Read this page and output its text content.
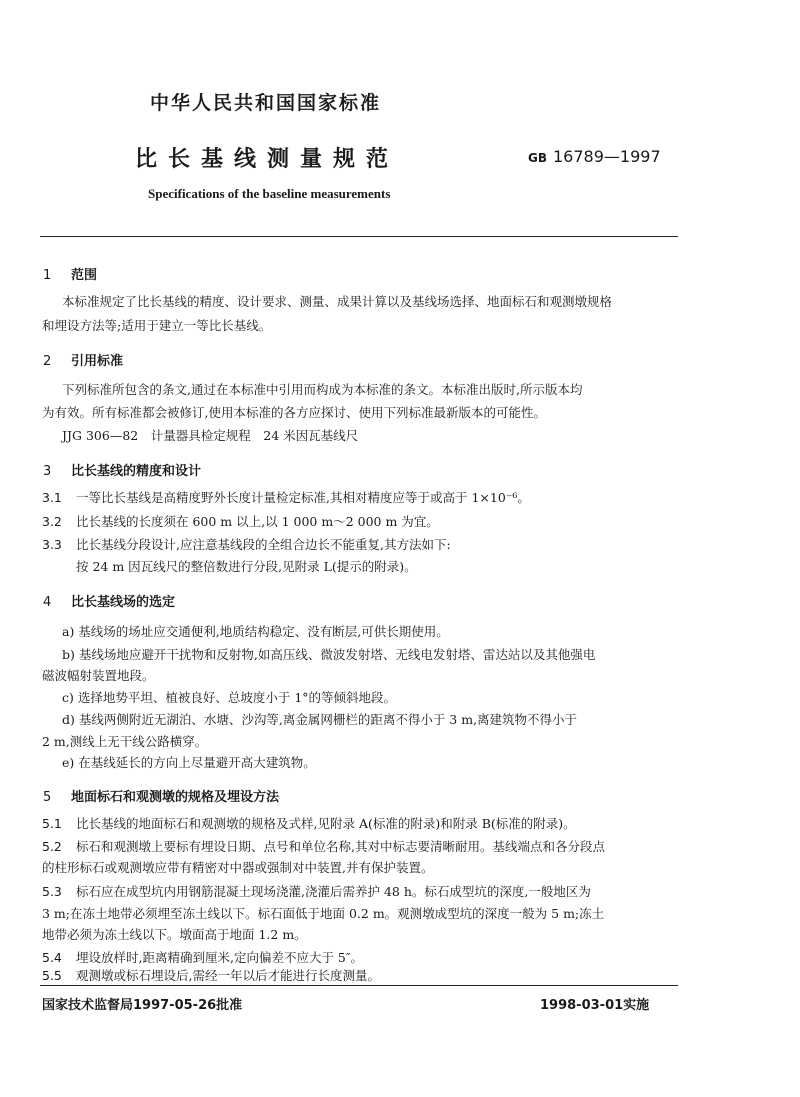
中华人民共和国国家标准
比长基线测量规范	GB 16789—1997
Specifications of the baseline measurements
1 范围
本标准规定了比长基线的精度、设计要求、测量、成果计算以及基线场选择、地面标石和观测墩规格
和埋设方法等;适用于建立一等比长基线。
2 引用标准
下列标准所包含的条文,通过在本标准中引用而构成为本标准的条文。本标准出版时,所示版本均
为有效。所有标准都会被修订,使用本标准的各方应探讨、使用下列标准最新版本的可能性。
JJG 306—82　计量器具检定规程　24 米因瓦基线尺
3 比长基线的精度和设计
3.1 一等比长基线是高精度野外长度计量检定标准,其相对精度应等于或高于 1×10⁻⁶。
3.2 比长基线的长度须在 600 m 以上,以 1 000 m～2 000 m 为宜。
3.3 比长基线分段设计,应注意基线段的全组合边长不能重复,其方法如下:
按 24 m 因瓦线尺的整倍数进行分段,见附录 L(提示的附录)。
4 比长基线场的选定
a) 基线场的场址应交通便利,地质结构稳定、没有断层,可供长期使用。
b) 基线场地应避开干扰物和反射物,如高压线、微波发射塔、无线电发射塔、雷达站以及其他强电
磁波幅射装置地段。
c) 选择地势平坦、植被良好、总坡度小于 1°的等倾斜地段。
d) 基线两侧附近无湖泊、水塘、沙沟等,离金属网栅栏的距离不得小于 3 m,离建筑物不得小于
2 m,测线上无干线公路横穿。
e) 在基线延长的方向上尽量避开高大建筑物。
5 地面标石和观测墩的规格及埋设方法
5.1 比长基线的地面标石和观测墩的规格及式样,见附录 A(标准的附录)和附录 B(标准的附录)。
5.2 标石和观测墩上要标有埋设日期、点号和单位名称,其对中标志要清晰耐用。基线端点和各分段点
的柱形标石或观测墩应带有精密对中器或强制对中装置,并有保护装置。
5.3 标石应在成型坑内用钢筋混凝土现场浇灌,浇灌后需养护 48 h。标石成型坑的深度,一般地区为
3 m;在冻土地带必须埋至冻土线以下。标石面低于地面 0.2 m。观测墩成型坑的深度一般为 5 m;冻土
地带必须为冻土线以下。墩面高于地面 1.2 m。
5.4 埋设放样时,距离精确到厘米,定向偏差不应大于 5″。
5.5 观测墩或标石埋设后,需经一年以后才能进行长度测量。
国家技术监督局1997-05-26批准	1998-03-01实施
